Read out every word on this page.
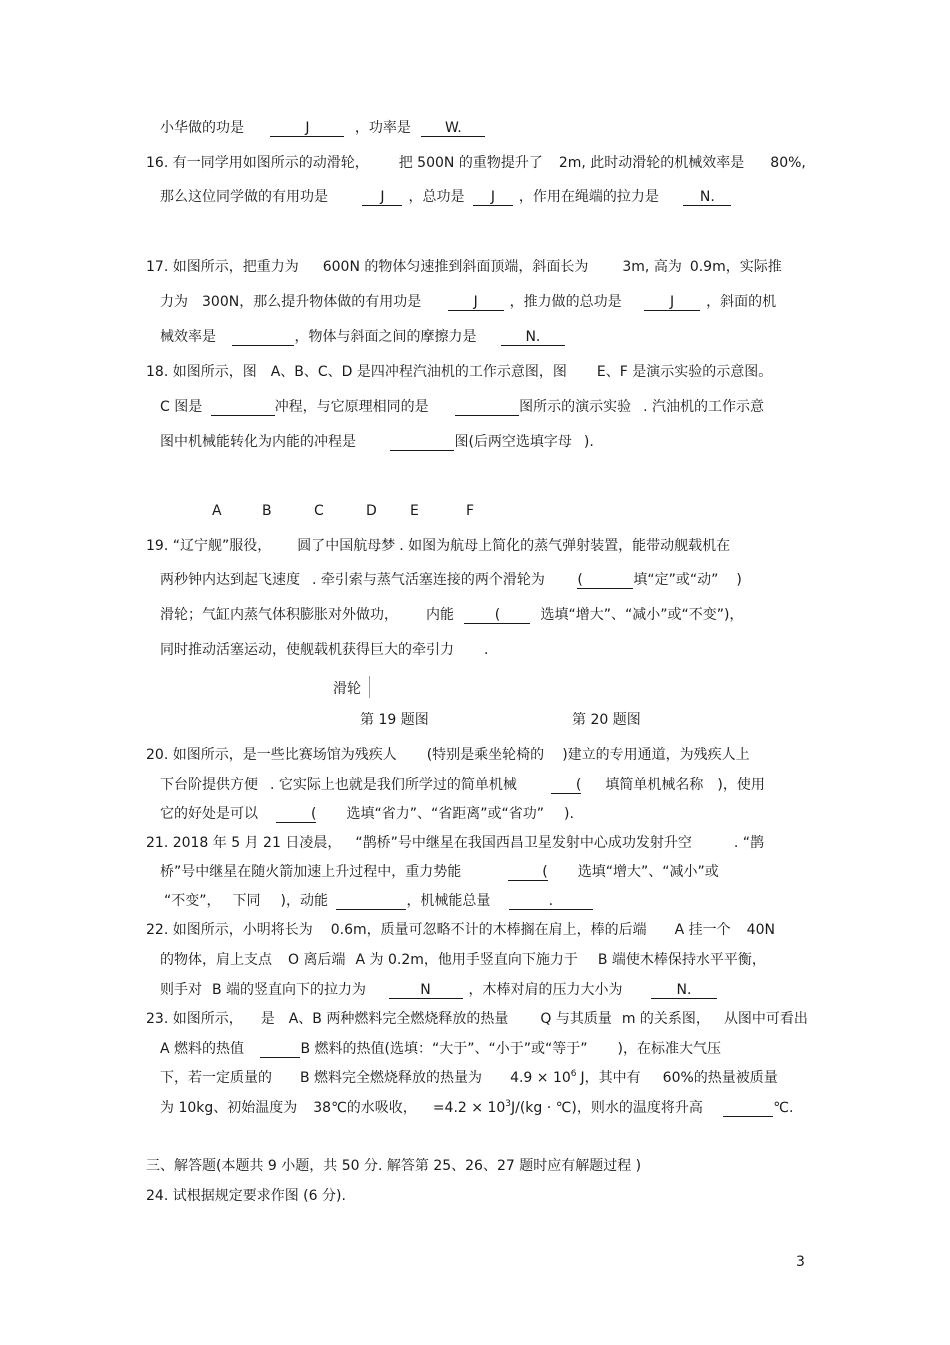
小华做的功是	J	，功率是 W.
16. 有一同学用如图所示的动滑轮， 把 500N 的重物提升了 2m, 此时动滑轮的机械效率是 80%,
那么这位同学做的有用功是	J ，总功是 J ，作用在绳端的拉力是	N.
17. 如图所示，把重力为 600N 的物体匀速推到斜面顶端，斜面长为 3m, 高为 0.9m，实际推
力为 300N，那么提升物体做的有用功是	J ，推力做的总功是	J ，斜面的机
械效率是	，物体与斜面之间的摩擦力是	N.
18. 如图所示，图 A、B、C、D 是四冲程汽油机的工作示意图，图 E、F 是演示实验的示意图。
C 图是	冲程，与它原理相同的是	图所示的演示实验 . 汽油机的工作示意
图中机械能转化为内能的冲程是	图(后两空选填字母 ).
A	B	C	D E	F
19. “辽宁舰”服役， 圆了中国航母梦 . 如图为航母上简化的蒸气弹射装置，能带动舰载机在
两秒钟内达到起飞速度 . 牵引索与蒸气活塞连接的两个滑轮为 (	填“定”或“动” )
滑轮；气缸内蒸气体积膨胀对外做功， 内能	(	选填“增大”、“减小”或“不变”)，
同时推动活塞运动，使舰载机获得巨大的牵引力 .
滑轮
第 19 题图	第 20 题图
20. 如图所示，是一些比赛场馆为残疾人 (特别是乘坐轮椅的 )建立的专用通道，为残疾人上
下台阶提供方便 . 它实际上也就是我们所学过的简单机械	( 填简单机械名称 )，使用
它的好处是可以	( 选填“省力”、“省距离”或“省功” ).
21. 2018 年 5 月 21 日凌晨， “鹊桥”号中继星在我国西昌卫星发射中心成功发射升空	. “鹊
桥”号中继星在随火箭加速上升过程中，重力势能	( 选填“增大”、“减小”或
“不变”， 下同 )，动能	，机械能总量	.
22. 如图所示，小明将长为 0.6m，质量可忽略不计的木棒搁在肩上，棒的后端 A 挂一个 40N
的物体，肩上支点 O 离后端 A 为 0.2m，他用手竖直向下施力于 B 端使木棒保持水平平衡，
则手对 B 端的竖直向下的拉力为	N	，木棒对肩的压力大小为	N.
23. 如图所示， 是 A、B 两种燃料完全燃烧释放的热量 Q 与其质量 m 的关系图， 从图中可看出
A 燃料的热值	B 燃料的热值(选填：“大于”、“小于”或“等于” )，在标准大气压
下，若一定质量的 B 燃料完全燃烧释放的热量为 $4.9 \times 10^6$ J，其中有 60%的热量被质量
为 10kg、初始温度为 38℃的水吸收， $=4.2 \times 10^3J/(kg$ · ℃)，则水的温度将升高	℃.
三、解答题(本题共 9 小题，共 50 分. 解答第 25、26、27 题时应有解题过程 )
24. 试根据规定要求作图 (6 分).
3
